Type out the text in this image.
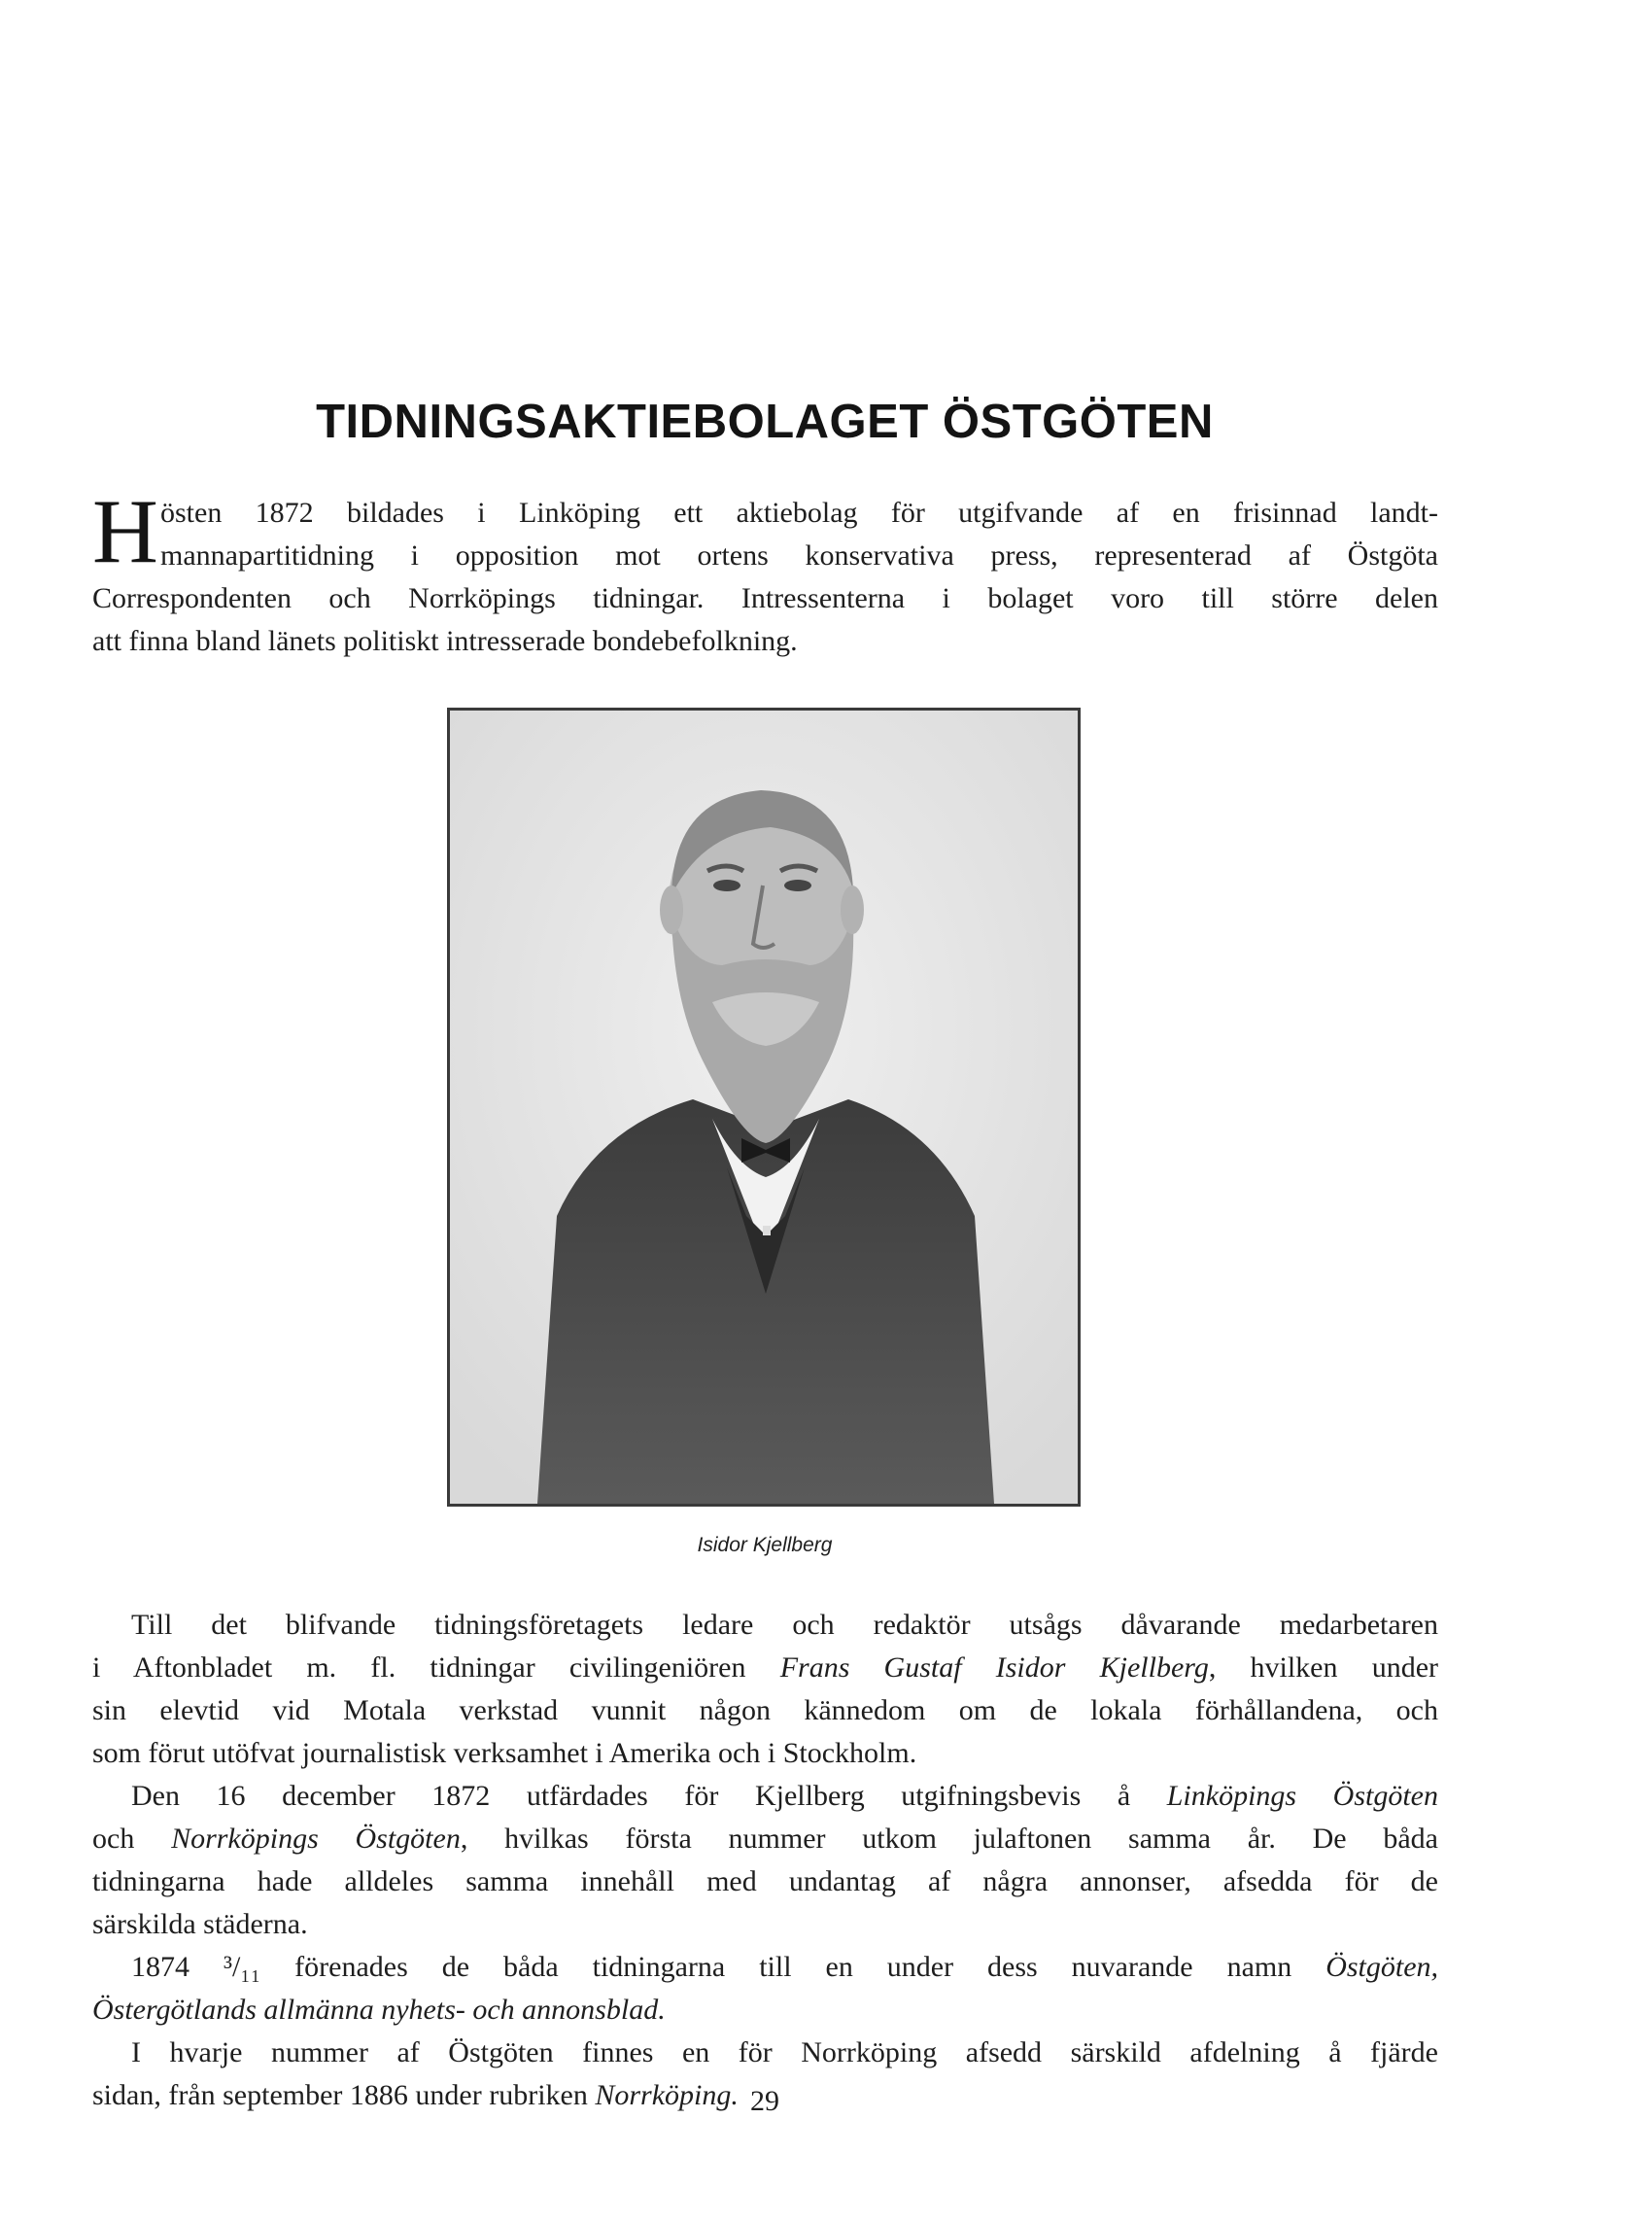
TIDNINGSAKTIEBOLAGET ÖSTGÖTEN
H östen 1872 bildades i Linköping ett aktiebolag för utgifvande af en frisinnad landt-
mannapartitidning i opposition mot ortens konservativa press, representerad af Östgöta
Correspondenten och Norrköpings tidningar. Intressenterna i bolaget voro till större delen
att finna bland länets politiskt intresserade bondebefolkning.

Isidor Kjellberg

Till det blifvande tidningsföretagets ledare och redaktör utsågs dåvarande medarbetaren
i Aftonbladet m. fl. tidningar civilingeniören Frans Gustaf Isidor Kjellberg, hvilken under
sin elevtid vid Motala verkstad vunnit någon kännedom om de lokala förhållandena, och
som förut utöfvat journalistisk verksamhet i Amerika och i Stockholm.
Den 16 december 1872 utfärdades för Kjellberg utgifningsbevis å Linköpings Östgöten
och Norrköpings Östgöten, hvilkas första nummer utkom julaftonen samma år. De båda
tidningarna hade alldeles samma innehåll med undantag af några annonser, afsedda för de
särskilda städerna.
1874 ³/₁₁ förenades de båda tidningarna till en under dess nuvarande namn Östgöten,
Östergötlands allmänna nyhets- och annonsblad.
I hvarje nummer af Östgöten finnes en för Norrköping afsedd särskild afdelning å fjärde
sidan, från september 1886 under rubriken Norrköping. 29
